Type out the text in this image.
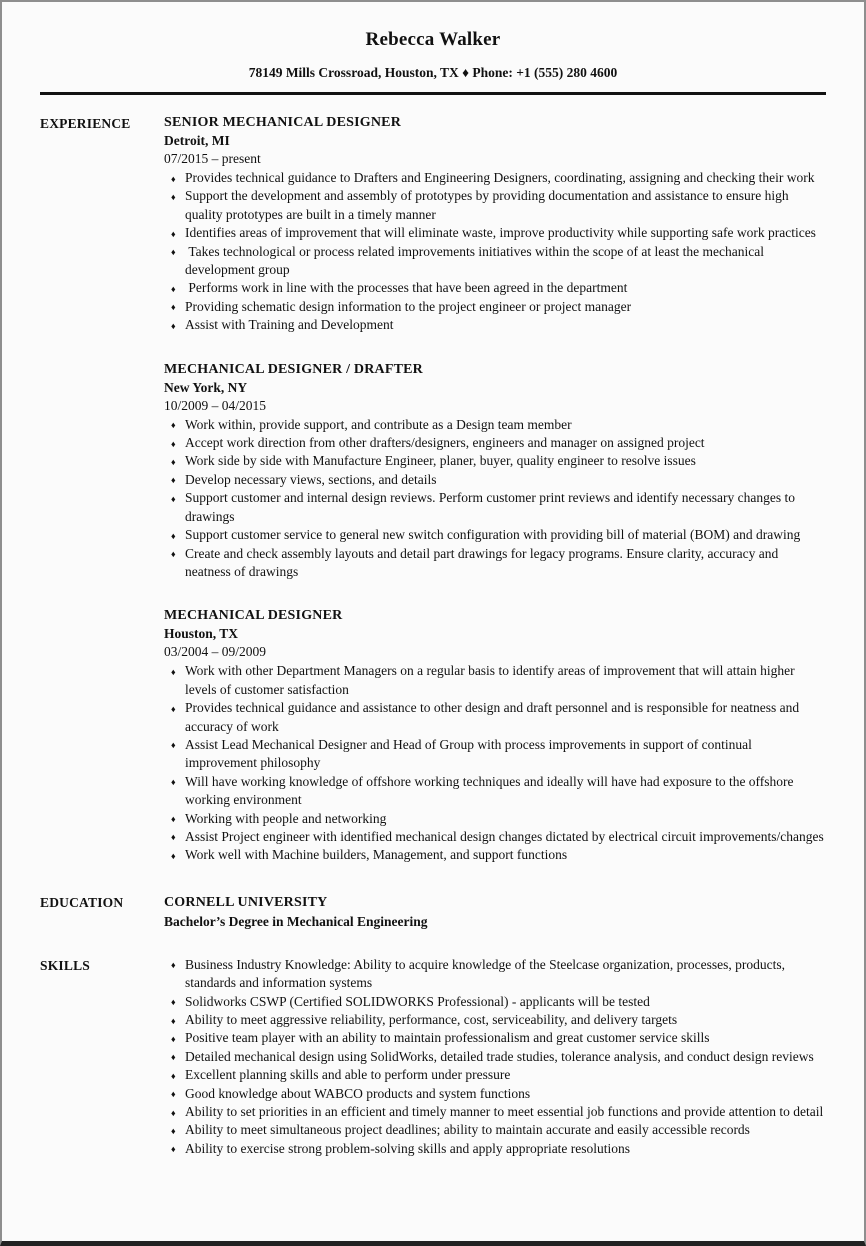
Rebecca Walker
78149 Mills Crossroad, Houston, TX ♦ Phone: +1 (555) 280 4600
EXPERIENCE	SENIOR MECHANICAL DESIGNER
Detroit, MI
07/2015 – present
♦ Provides technical guidance to Drafters and Engineering Designers, coordinating, assigning and checking their work
♦ Support the development and assembly of prototypes by providing documentation and assistance to ensure high quality prototypes are built in a timely manner
♦ Identifies areas of improvement that will eliminate waste, improve productivity while supporting safe work practices
♦  Takes technological or process related improvements initiatives within the scope of at least the mechanical development group
♦  Performs work in line with the processes that have been agreed in the department
♦ Providing schematic design information to the project engineer or project manager
♦ Assist with Training and Development
MECHANICAL DESIGNER / DRAFTER
New York, NY
10/2009 – 04/2015
♦ Work within, provide support, and contribute as a Design team member
♦ Accept work direction from other drafters/designers, engineers and manager on assigned project
♦ Work side by side with Manufacture Engineer, planer, buyer, quality engineer to resolve issues
♦ Develop necessary views, sections, and details
♦ Support customer and internal design reviews. Perform customer print reviews and identify necessary changes to drawings
♦ Support customer service to general new switch configuration with providing bill of material (BOM) and drawing
♦ Create and check assembly layouts and detail part drawings for legacy programs. Ensure clarity, accuracy and neatness of drawings
MECHANICAL DESIGNER
Houston, TX
03/2004 – 09/2009
♦ Work with other Department Managers on a regular basis to identify areas of improvement that will attain higher levels of customer satisfaction
♦ Provides technical guidance and assistance to other design and draft personnel and is responsible for neatness and accuracy of work
♦ Assist Lead Mechanical Designer and Head of Group with process improvements in support of continual improvement philosophy
♦ Will have working knowledge of offshore working techniques and ideally will have had exposure to the offshore working environment
♦ Working with people and networking
♦ Assist Project engineer with identified mechanical design changes dictated by electrical circuit improvements/changes
♦ Work well with Machine builders, Management, and support functions
EDUCATION	CORNELL UNIVERSITY
Bachelor’s Degree in Mechanical Engineering
SKILLS	♦ Business Industry Knowledge: Ability to acquire knowledge of the Steelcase organization, processes, products, standards and information systems
♦ Solidworks CSWP (Certified SOLIDWORKS Professional) - applicants will be tested
♦ Ability to meet aggressive reliability, performance, cost, serviceability, and delivery targets
♦ Positive team player with an ability to maintain professionalism and great customer service skills
♦ Detailed mechanical design using SolidWorks, detailed trade studies, tolerance analysis, and conduct design reviews
♦ Excellent planning skills and able to perform under pressure
♦ Good knowledge about WABCO products and system functions
♦ Ability to set priorities in an efficient and timely manner to meet essential job functions and provide attention to detail
♦ Ability to meet simultaneous project deadlines; ability to maintain accurate and easily accessible records
♦ Ability to exercise strong problem-solving skills and apply appropriate resolutions
